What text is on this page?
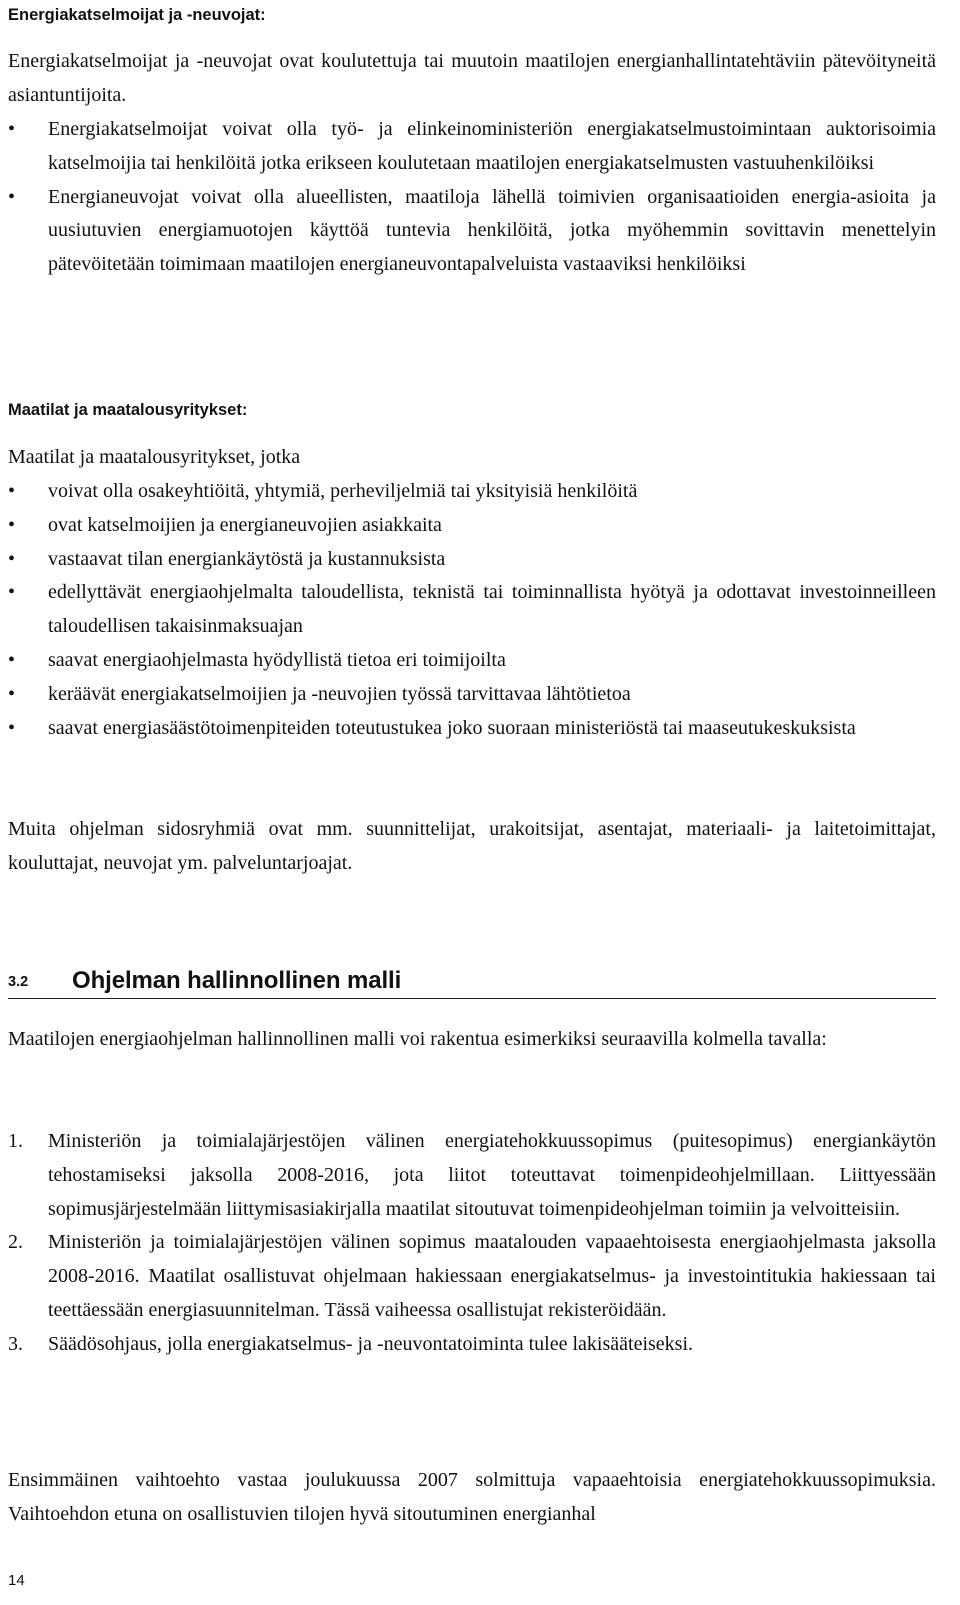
Energiakatselmoijat ja -neuvojat:

Energiakatselmoijat ja -neuvojat ovat koulutettuja tai muutoin maatilojen energianhallintatehtäviin pätevöityneitä asiantuntijoita.

• Energiakatselmoijat voivat olla työ- ja elinkeinoministeriön energiakatselmustoimintaan auktorisoimia katselmoijia tai henkilöitä jotka erikseen koulutetaan maatilojen energiakatselmusten vastuuhenkilöiksi
• Energianeuvojat voivat olla alueellisten, maatiloja lähellä toimivien organisaatioiden energia-asioita ja uusiutuvien energiamuotojen käyttöä tuntevia henkilöitä, jotka myöhemmin sovittavin menettelyin pätevöitetään toimimaan maatilojen energianeuvontapalveluista vastaaviksi henkilöiksi
Maatilat ja maatalousyritykset:

Maatilat ja maatalousyritykset, jotka

• voivat olla osakeyhtiöitä, yhtymiä, perheviljelmiä tai yksityisiä henkilöitä
• ovat katselmoijien ja energianeuvojien asiakkaita
• vastaavat tilan energiankäytöstä ja kustannuksista
• edellyttävät energiaohjelmalta taloudellista, teknistä tai toiminnallista hyötyä ja odottavat investoinneilleen taloudellisen takaisinmaksuajan
• saavat energiaohjelmasta hyödyllistä tietoa eri toimijoilta
• keräävät energiakatselmoijien ja -neuvojien työssä tarvittavaa lähtötietoa
• saavat energiasäästötoimenpiteiden toteutustukea joko suoraan ministeriöstä tai maaseutukeskuksista

Muita ohjelman sidosryhmiä ovat mm. suunnittelijat, urakoitsijat, asentajat, materiaali- ja laitetoimittajat, kouluttajat, neuvojat ym. palveluntarjoajat.

3.2 Ohjelman hallinnollinen malli

Maatilojen energiaohjelman hallinnollinen malli voi rakentua esimerkiksi seuraavilla kolmella tavalla:

1. Ministeriön ja toimialajärjestöjen välinen energiatehokkuussopimus (puitesopimus) energiankäytön tehostamiseksi jaksolla 2008-2016, jota liitot toteuttavat toimenpideohjelmillaan. Liittyessään sopimusjärjestelmään liittymisasiakirjalla maatilat sitoutuvat toimenpideohjelman toimiin ja velvoitteisiin.
2. Ministeriön ja toimialajärjestöjen välinen sopimus maatalouden vapaaehtoisesta energiaohjelmasta jaksolla 2008-2016. Maatilat osallistuvat ohjelmaan hakiessaan energiakatselmus- ja investointitukia hakiessaan tai teettäessään energiasuunnitelman. Tässä vaiheessa osallistujat rekisteröidään.
3. Säädösohjaus, jolla energiakatselmus- ja -neuvontatoiminta tulee lakisääteiseksi.

Ensimmäinen vaihtoehto vastaa joulukuussa 2007 solmittuja vapaaehtoisia energiatehokkuussopimuksia. Vaihtoehdon etuna on osallistuvien tilojen hyvä sitoutuminen energianhal

14
